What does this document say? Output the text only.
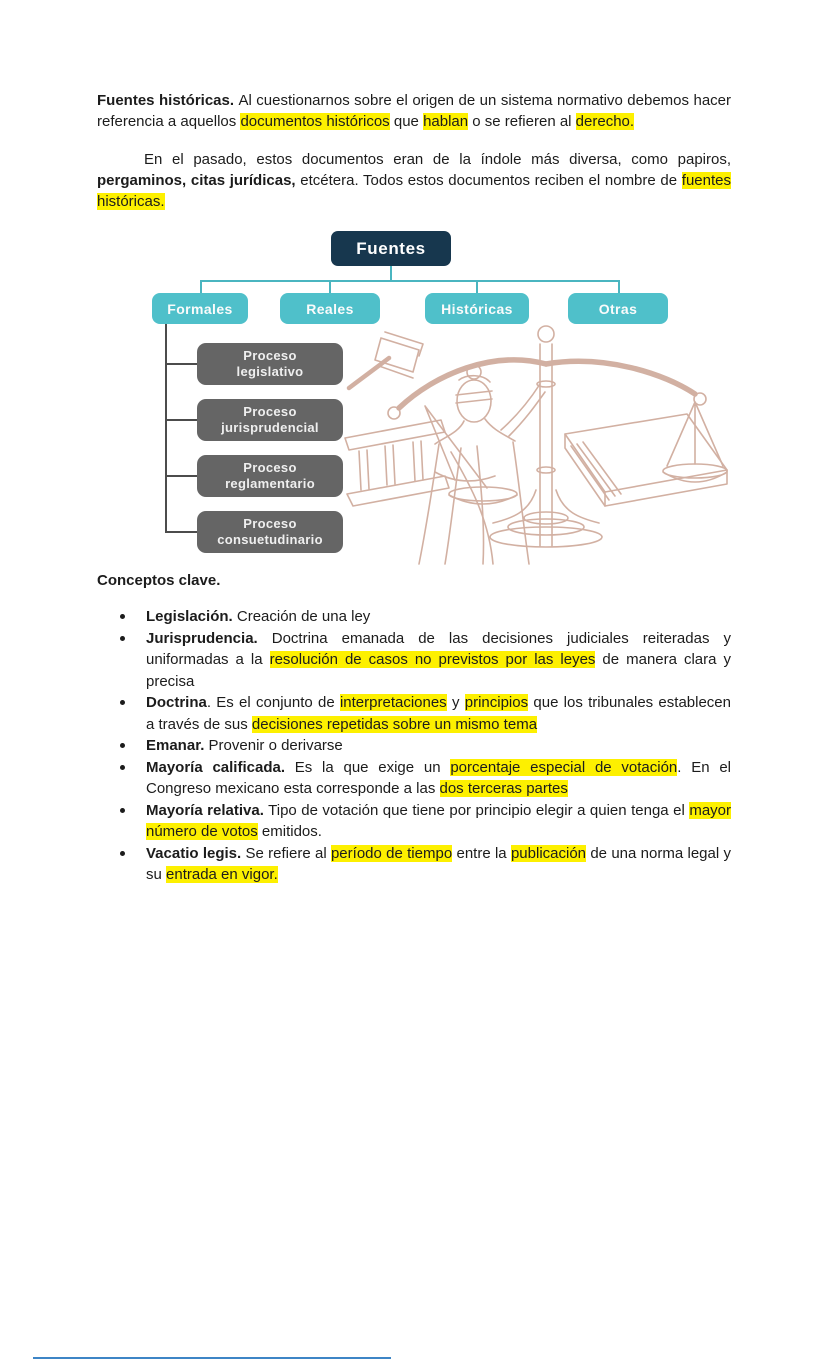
Fuentes históricas. Al cuestionarnos sobre el origen de un sistema normativo debemos hacer referencia a aquellos documentos históricos que hablan o se refieren al derecho.

En el pasado, estos documentos eran de la índole más diversa, como papiros, pergaminos, citas jurídicas, etcétera. Todos estos documentos reciben el nombre de fuentes históricas.

Fuentes
Formales	Reales	Históricas	Otras
Proceso
legislativo
Proceso
jurisprudencial
Proceso
reglamentario
Proceso
consuetudinario
Conceptos clave.
Legislación. Creación de una ley
Jurisprudencia. Doctrina emanada de las decisiones judiciales reiteradas y uniformadas a la resolución de casos no previstos por las leyes de manera clara y precisa
Doctrina. Es el conjunto de interpretaciones y principios que los tribunales establecen a través de sus decisiones repetidas sobre un mismo tema
Emanar. Provenir o derivarse
Mayoría calificada. Es la que exige un porcentaje especial de votación. En el Congreso mexicano esta corresponde a las dos terceras partes
Mayoría relativa. Tipo de votación que tiene por principio elegir a quien tenga el mayor número de votos emitidos.
Vacatio legis. Se refiere al período de tiempo entre la publicación de una norma legal y su entrada en vigor.
